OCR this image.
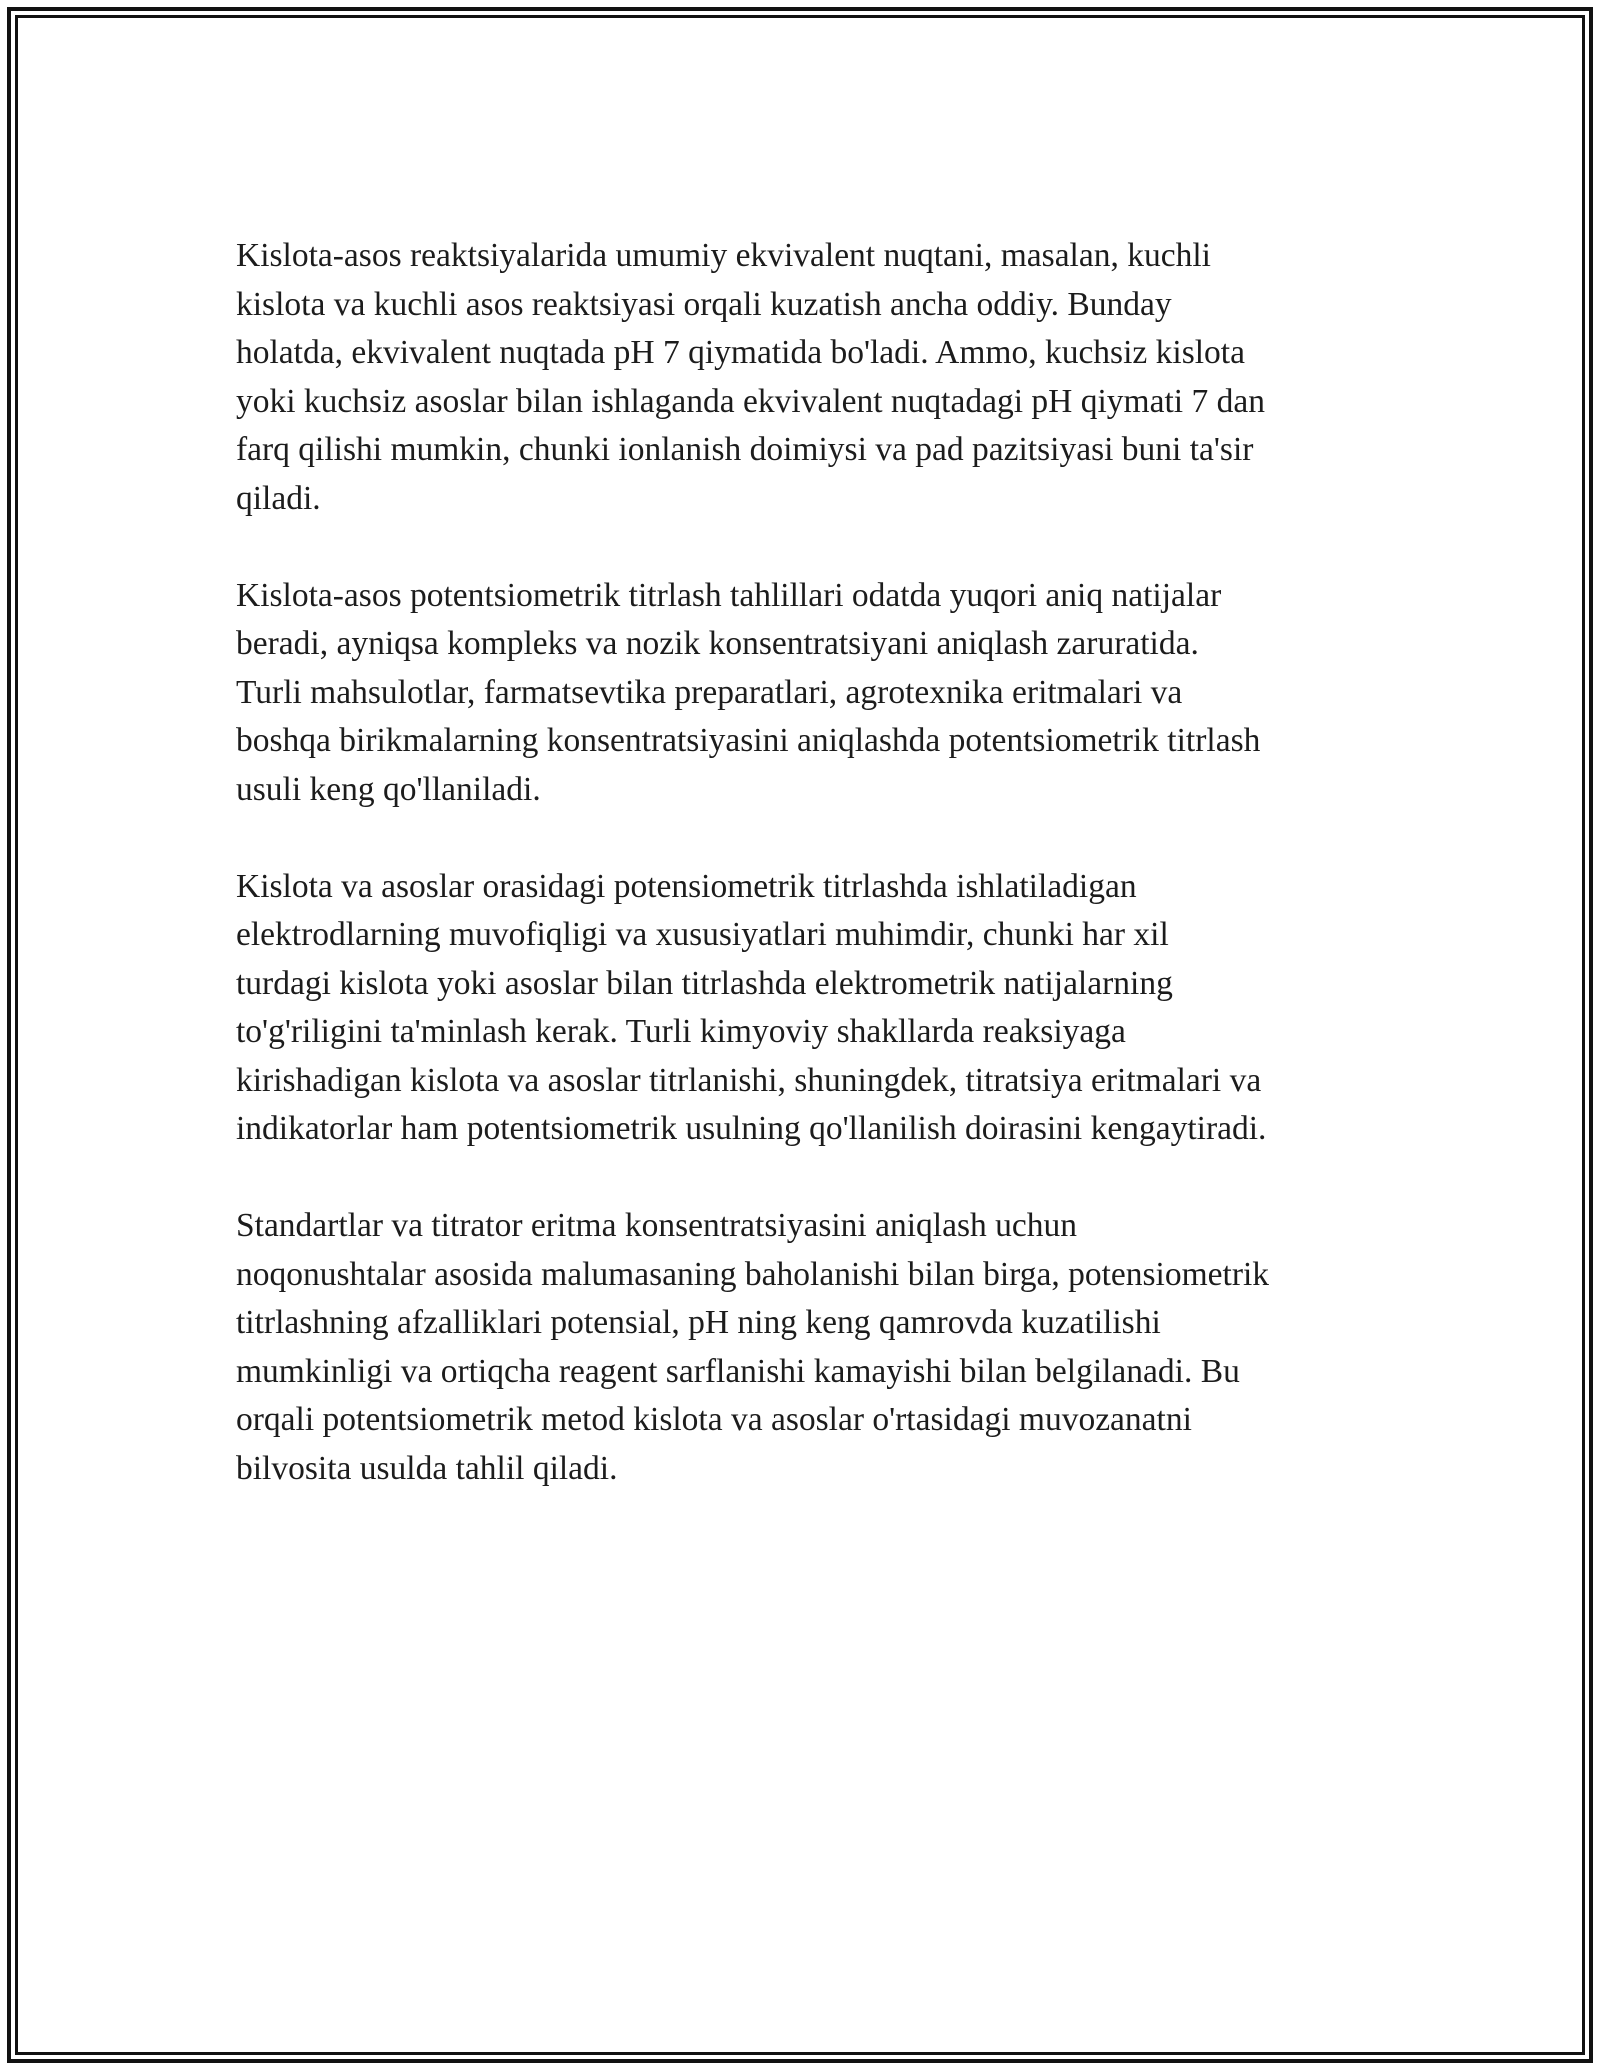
Kislota-asos reaktsiyalarida umumiy ekvivalent nuqtani, masalan, kuchli
kislota va kuchli asos reaktsiyasi orqali kuzatish ancha oddiy. Bunday
holatda, ekvivalent nuqtada pH 7 qiymatida bo'ladi. Ammo, kuchsiz kislota
yoki kuchsiz asoslar bilan ishlaganda ekvivalent nuqtadagi pH qiymati 7 dan
farq qilishi mumkin, chunki ionlanish doimiysi va pad pazitsiyasi buni ta'sir
qiladi.

Kislota-asos potentsiometrik titrlash tahlillari odatda yuqori aniq natijalar
beradi, ayniqsa kompleks va nozik konsentratsiyani aniqlash zaruratida.
Turli mahsulotlar, farmatsevtika preparatlari, agrotexnika eritmalari va
boshqa birikmalarning konsentratsiyasini aniqlashda potentsiometrik titrlash
usuli keng qo'llaniladi.

Kislota va asoslar orasidagi potensiometrik titrlashda ishlatiladigan
elektrodlarning muvofiqligi va xususiyatlari muhimdir, chunki har xil
turdagi kislota yoki asoslar bilan titrlashda elektrometrik natijalarning
to'g'riligini ta'minlash kerak. Turli kimyoviy shakllarda reaksiyaga
kirishadigan kislota va asoslar titrlanishi, shuningdek, titratsiya eritmalari va
indikatorlar ham potentsiometrik usulning qo'llanilish doirasini kengaytiradi.

Standartlar va titrator eritma konsentratsiyasini aniqlash uchun
noqonushtalar asosida malumasaning baholanishi bilan birga, potensiometrik
titrlashning afzalliklari potensial, pH ning keng qamrovda kuzatilishi
mumkinligi va ortiqcha reagent sarflanishi kamayishi bilan belgilanadi. Bu
orqali potentsiometrik metod kislota va asoslar o'rtasidagi muvozanatni
bilvosita usulda tahlil qiladi.
